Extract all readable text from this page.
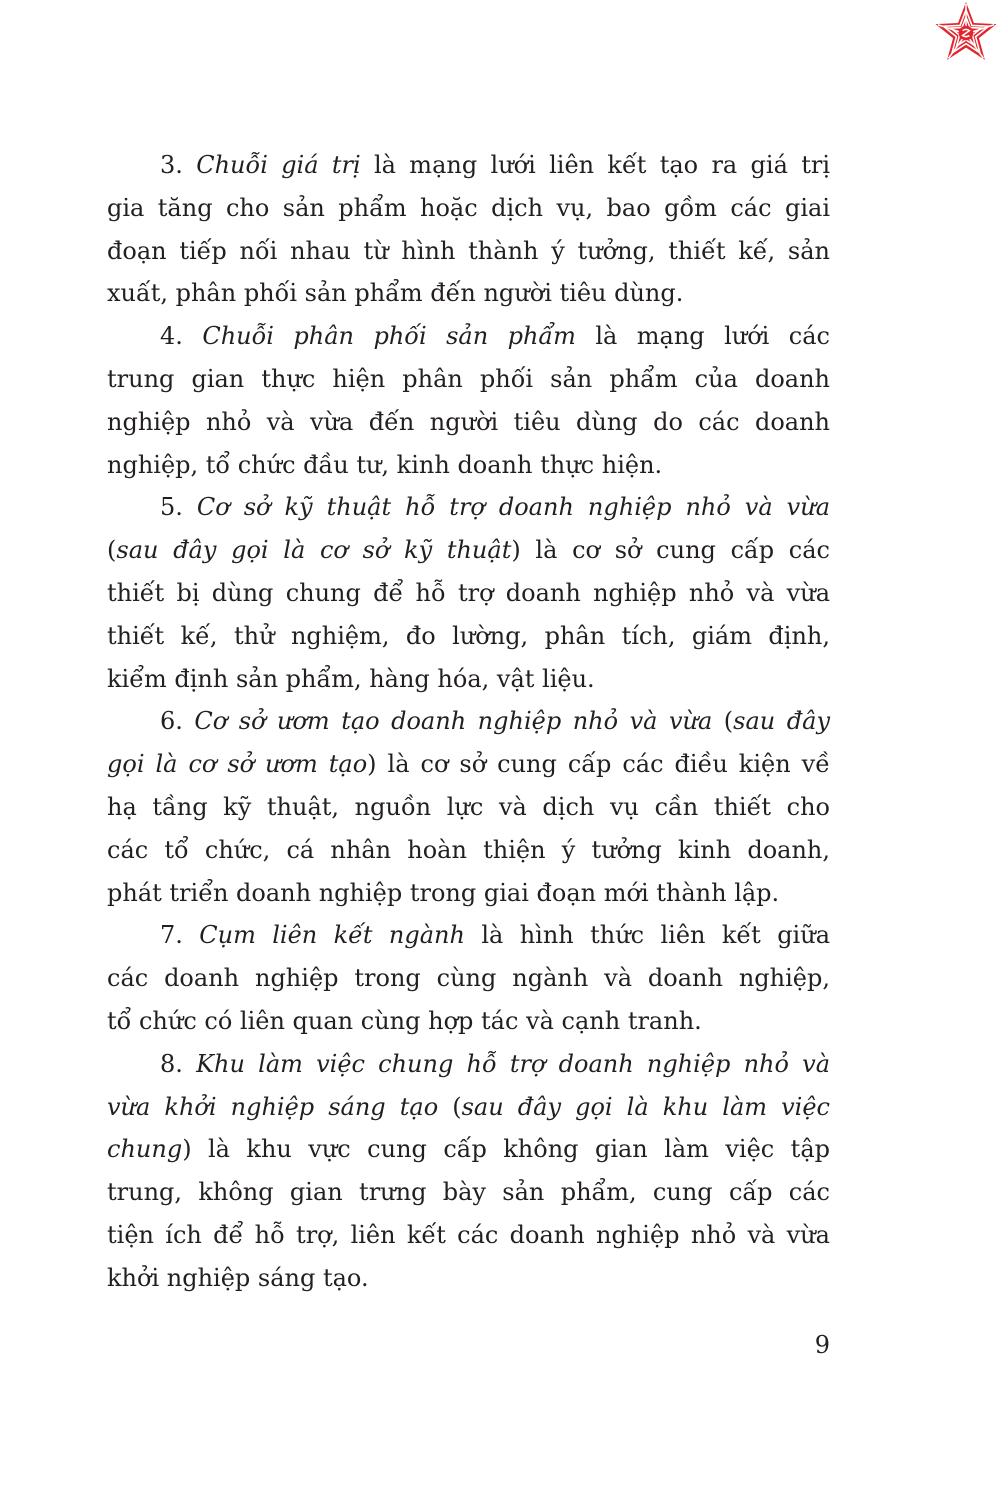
3. Chuỗi giá trị là mạng lưới liên kết tạo ra giá trị
gia tăng cho sản phẩm hoặc dịch vụ, bao gồm các giai
đoạn tiếp nối nhau từ hình thành ý tưởng, thiết kế, sản
xuất, phân phối sản phẩm đến người tiêu dùng.
4. Chuỗi phân phối sản phẩm là mạng lưới các
trung gian thực hiện phân phối sản phẩm của doanh
nghiệp nhỏ và vừa đến người tiêu dùng do các doanh
nghiệp, tổ chức đầu tư, kinh doanh thực hiện.
5. Cơ sở kỹ thuật hỗ trợ doanh nghiệp nhỏ và vừa
(sau đây gọi là cơ sở kỹ thuật) là cơ sở cung cấp các
thiết bị dùng chung để hỗ trợ doanh nghiệp nhỏ và vừa
thiết kế, thử nghiệm, đo lường, phân tích, giám định,
kiểm định sản phẩm, hàng hóa, vật liệu.
6. Cơ sở ươm tạo doanh nghiệp nhỏ và vừa (sau đây
gọi là cơ sở ươm tạo) là cơ sở cung cấp các điều kiện về
hạ tầng kỹ thuật, nguồn lực và dịch vụ cần thiết cho
các tổ chức, cá nhân hoàn thiện ý tưởng kinh doanh,
phát triển doanh nghiệp trong giai đoạn mới thành lập.
7. Cụm liên kết ngành là hình thức liên kết giữa
các doanh nghiệp trong cùng ngành và doanh nghiệp,
tổ chức có liên quan cùng hợp tác và cạnh tranh.
8. Khu làm việc chung hỗ trợ doanh nghiệp nhỏ và
vừa khởi nghiệp sáng tạo (sau đây gọi là khu làm việc
chung) là khu vực cung cấp không gian làm việc tập
trung, không gian trưng bày sản phẩm, cung cấp các
tiện ích để hỗ trợ, liên kết các doanh nghiệp nhỏ và vừa
khởi nghiệp sáng tạo.
9
